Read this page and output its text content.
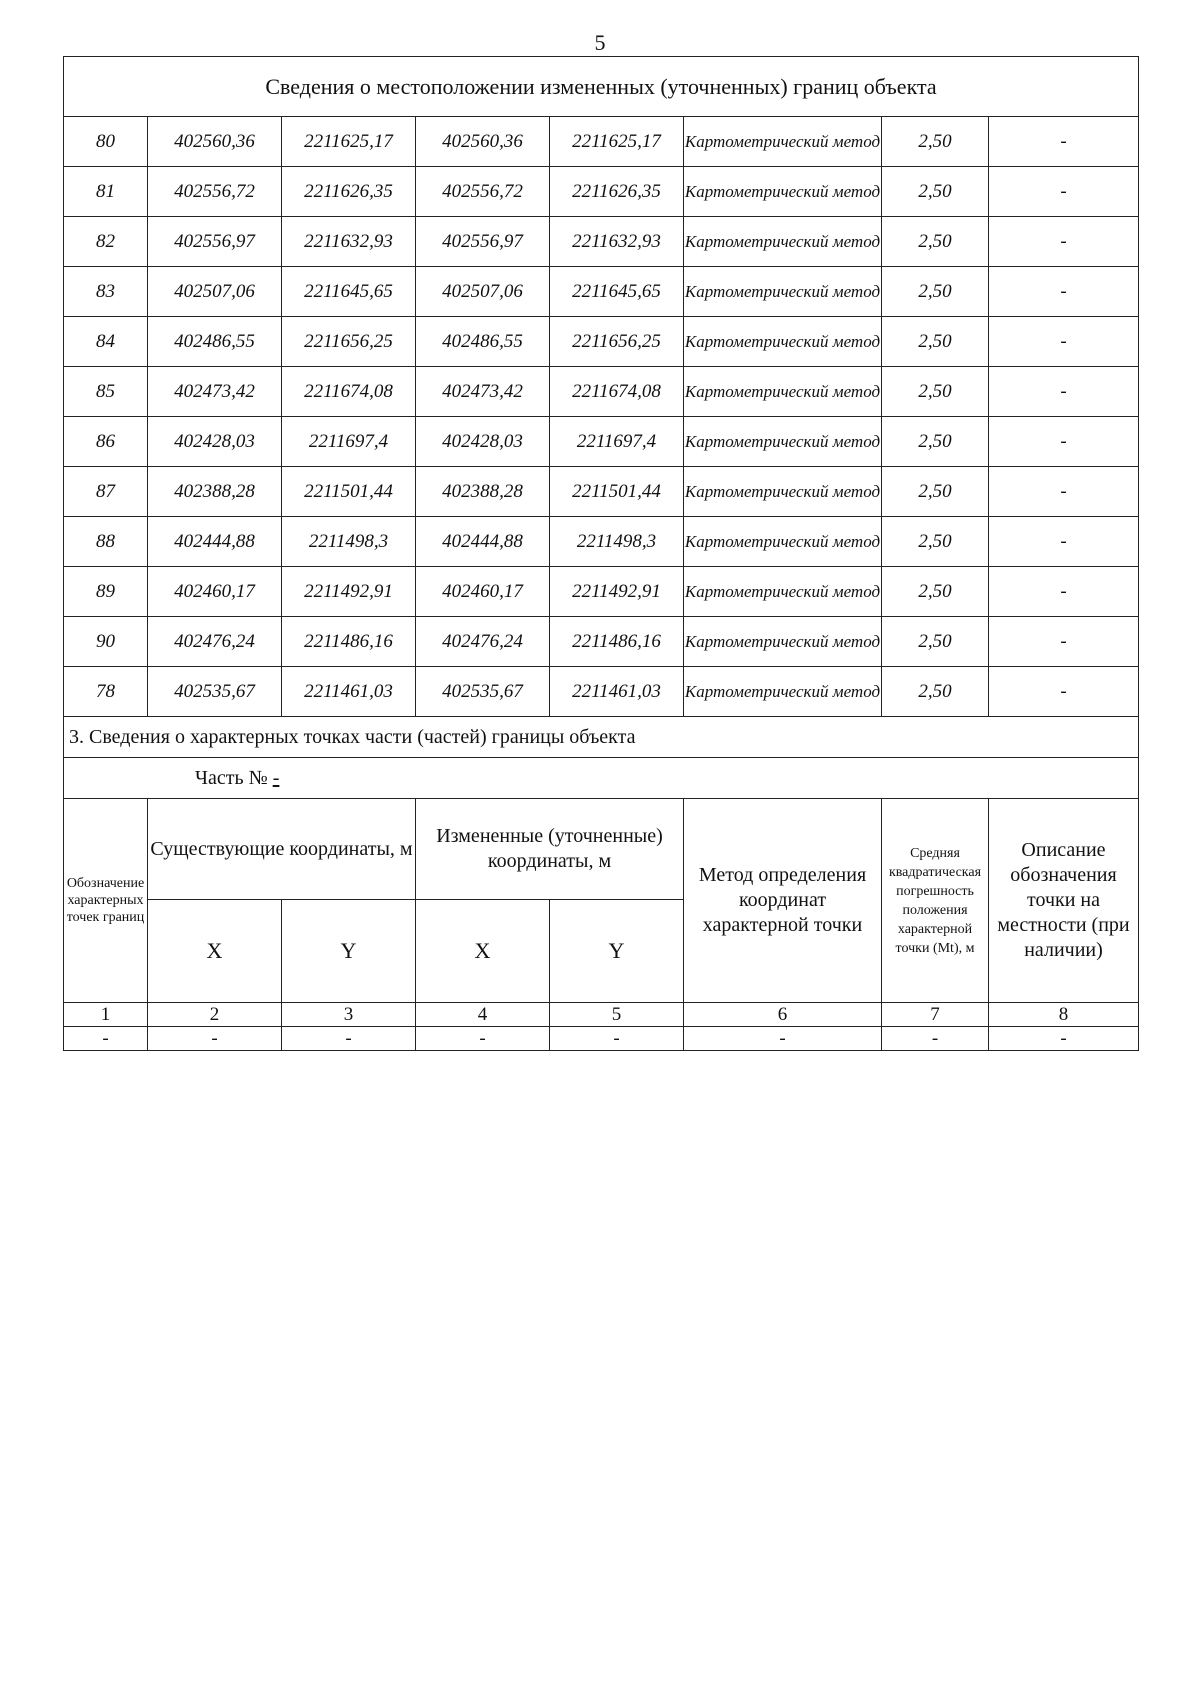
5
Сведения о местоположении измененных (уточненных) границ объекта							
80	402560,36	2211625,17	402560,36	2211625,17	Картометрический метод	2,50	-
81	402556,72	2211626,35	402556,72	2211626,35	Картометрический метод	2,50	-
82	402556,97	2211632,93	402556,97	2211632,93	Картометрический метод	2,50	-
83	402507,06	2211645,65	402507,06	2211645,65	Картометрический метод	2,50	-
84	402486,55	2211656,25	402486,55	2211656,25	Картометрический метод	2,50	-
85	402473,42	2211674,08	402473,42	2211674,08	Картометрический метод	2,50	-
86	402428,03	2211697,4	402428,03	2211697,4	Картометрический метод	2,50	-
87	402388,28	2211501,44	402388,28	2211501,44	Картометрический метод	2,50	-
88	402444,88	2211498,3	402444,88	2211498,3	Картометрический метод	2,50	-
89	402460,17	2211492,91	402460,17	2211492,91	Картометрический метод	2,50	-
90	402476,24	2211486,16	402476,24	2211486,16	Картометрический метод	2,50	-
78	402535,67	2211461,03	402535,67	2211461,03	Картометрический метод	2,50	-
3. Сведения о характерных точках части (частей) границы объекта							
Часть № -							
Обозначение характерных точек границ	Существующие координаты, м		Измененные (уточненные) координаты, м		Метод определения координат характерной точки	Средняя квадратическая погрешность положения характерной точки (Mt), м	Описание обозначения точки на местности (при наличии)
	X	Y	X	Y			
1	2	3	4	5	6	7	8
-	-	-	-	-	-	-	-
